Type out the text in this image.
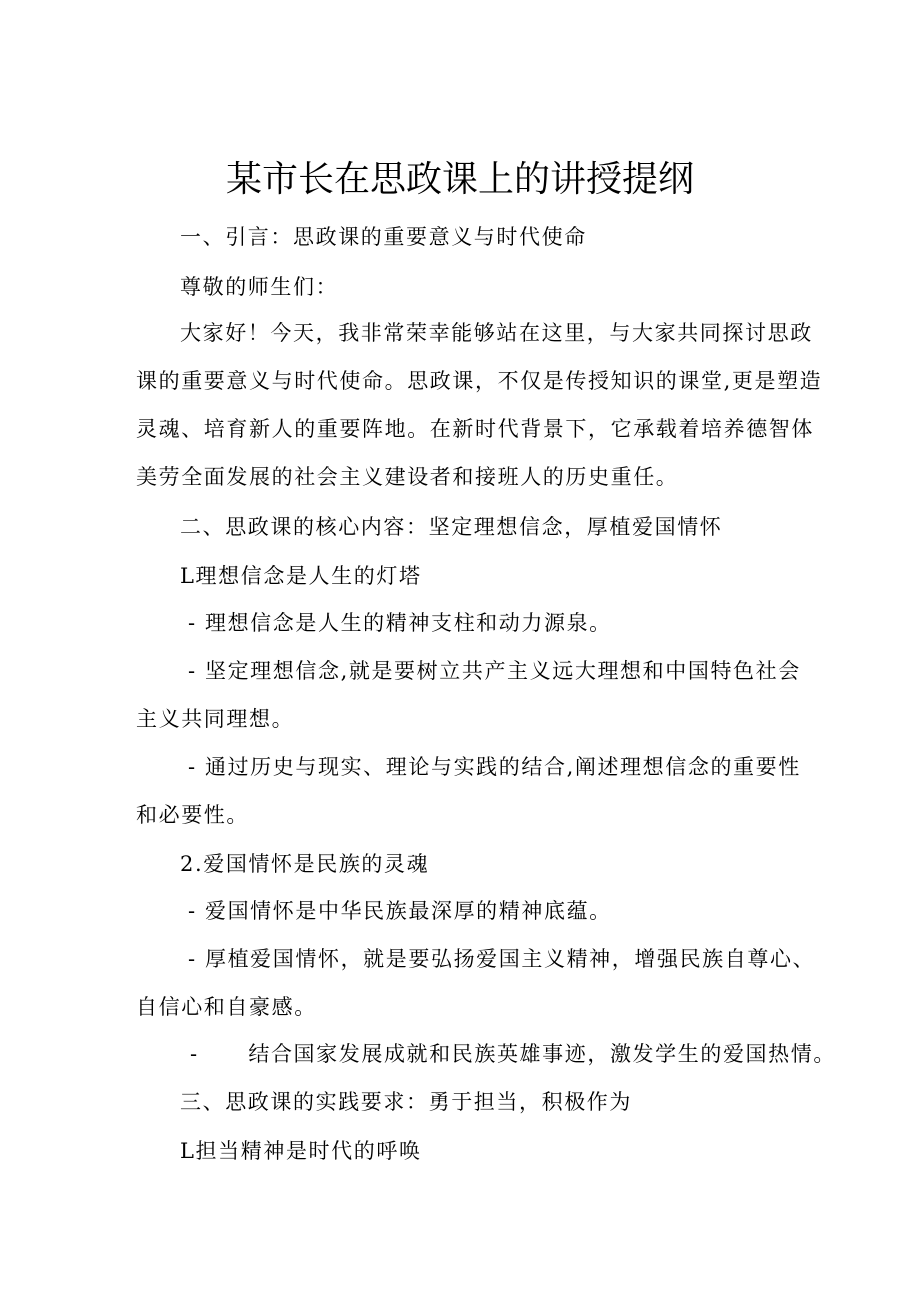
某市长在思政课上的讲授提纲
一、引言：思政课的重要意义与时代使命
尊敬的师生们：
大家好！今天，我非常荣幸能够站在这里，与大家共同探讨思政
课的重要意义与时代使命。思政课，不仅是传授知识的课堂,更是塑造
灵魂、培育新人的重要阵地。在新时代背景下，它承载着培养德智体
美劳全面发展的社会主义建设者和接班人的历史重任。
二、思政课的核心内容：坚定理想信念，厚植爱国情怀
L理想信念是人生的灯塔
- 理想信念是人生的精神支柱和动力源泉。
- 坚定理想信念,就是要树立共产主义远大理想和中国特色社会
主义共同理想。
- 通过历史与现实、理论与实践的结合,阐述理想信念的重要性
和必要性。
2.爱国情怀是民族的灵魂
- 爱国情怀是中华民族最深厚的精神底蕴。
- 厚植爱国情怀，就是要弘扬爱国主义精神，增强民族自尊心、
自信心和自豪感。
-      结合国家发展成就和民族英雄事迹，激发学生的爱国热情。
三、思政课的实践要求：勇于担当，积极作为
L担当精神是时代的呼唤
